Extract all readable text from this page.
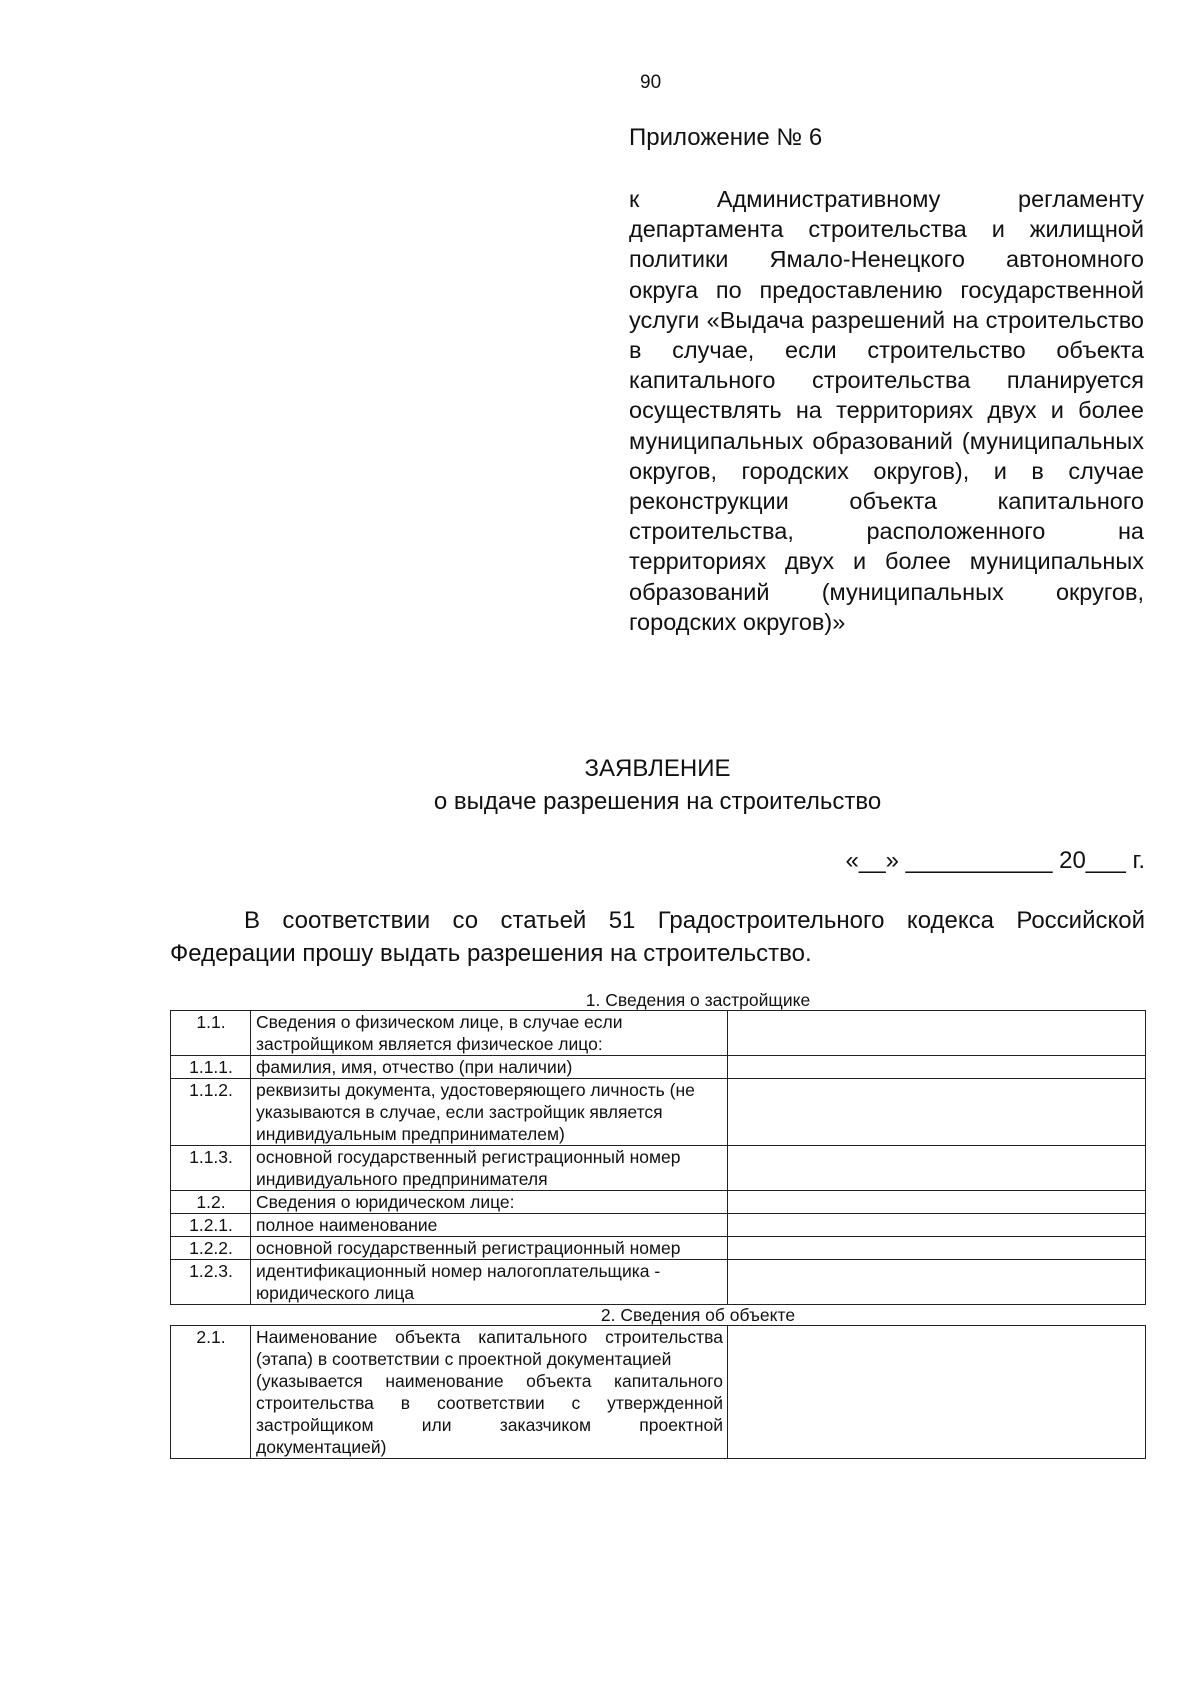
90
Приложение № 6

к Административному регламенту департамента строительства и жилищной политики Ямало-Ненецкого автономного округа по предоставлению государственной услуги «Выдача разрешений на строительство в случае, если строительство объекта капитального строительства планируется осуществлять на территориях двух и более муниципальных образований (муниципальных округов, городских округов), и в случае реконструкции объекта капитального строительства, расположенного на территориях двух и более муниципальных образований (муниципальных округов, городских округов)»

ЗАЯВЛЕНИЕ
о выдаче разрешения на строительство
«__» ___________ 20___ г.

В соответствии со статьей 51 Градостроительного кодекса Российской Федерации прошу выдать разрешения на строительство.

1. Сведения о застройщике
1.1.	Сведения о физическом лице, в случае если застройщиком является физическое лицо:	
1.1.1.	фамилия, имя, отчество (при наличии)	
1.1.2.	реквизиты документа, удостоверяющего личность (не указываются в случае, если застройщик является индивидуальным предпринимателем)	
1.1.3.	основной государственный регистрационный номер индивидуального предпринимателя	
1.2.	Сведения о юридическом лице:	
1.2.1.	полное наименование	
1.2.2.	основной государственный регистрационный номер	
1.2.3.	идентификационный номер налогоплательщика - юридического лица	
2. Сведения об объекте
2.1.	Наименование объекта капитального строительства (этапа) в соответствии с проектной документацией
(указывается наименование объекта капитального строительства в соответствии с утвержденной застройщиком или заказчиком проектной документацией)
